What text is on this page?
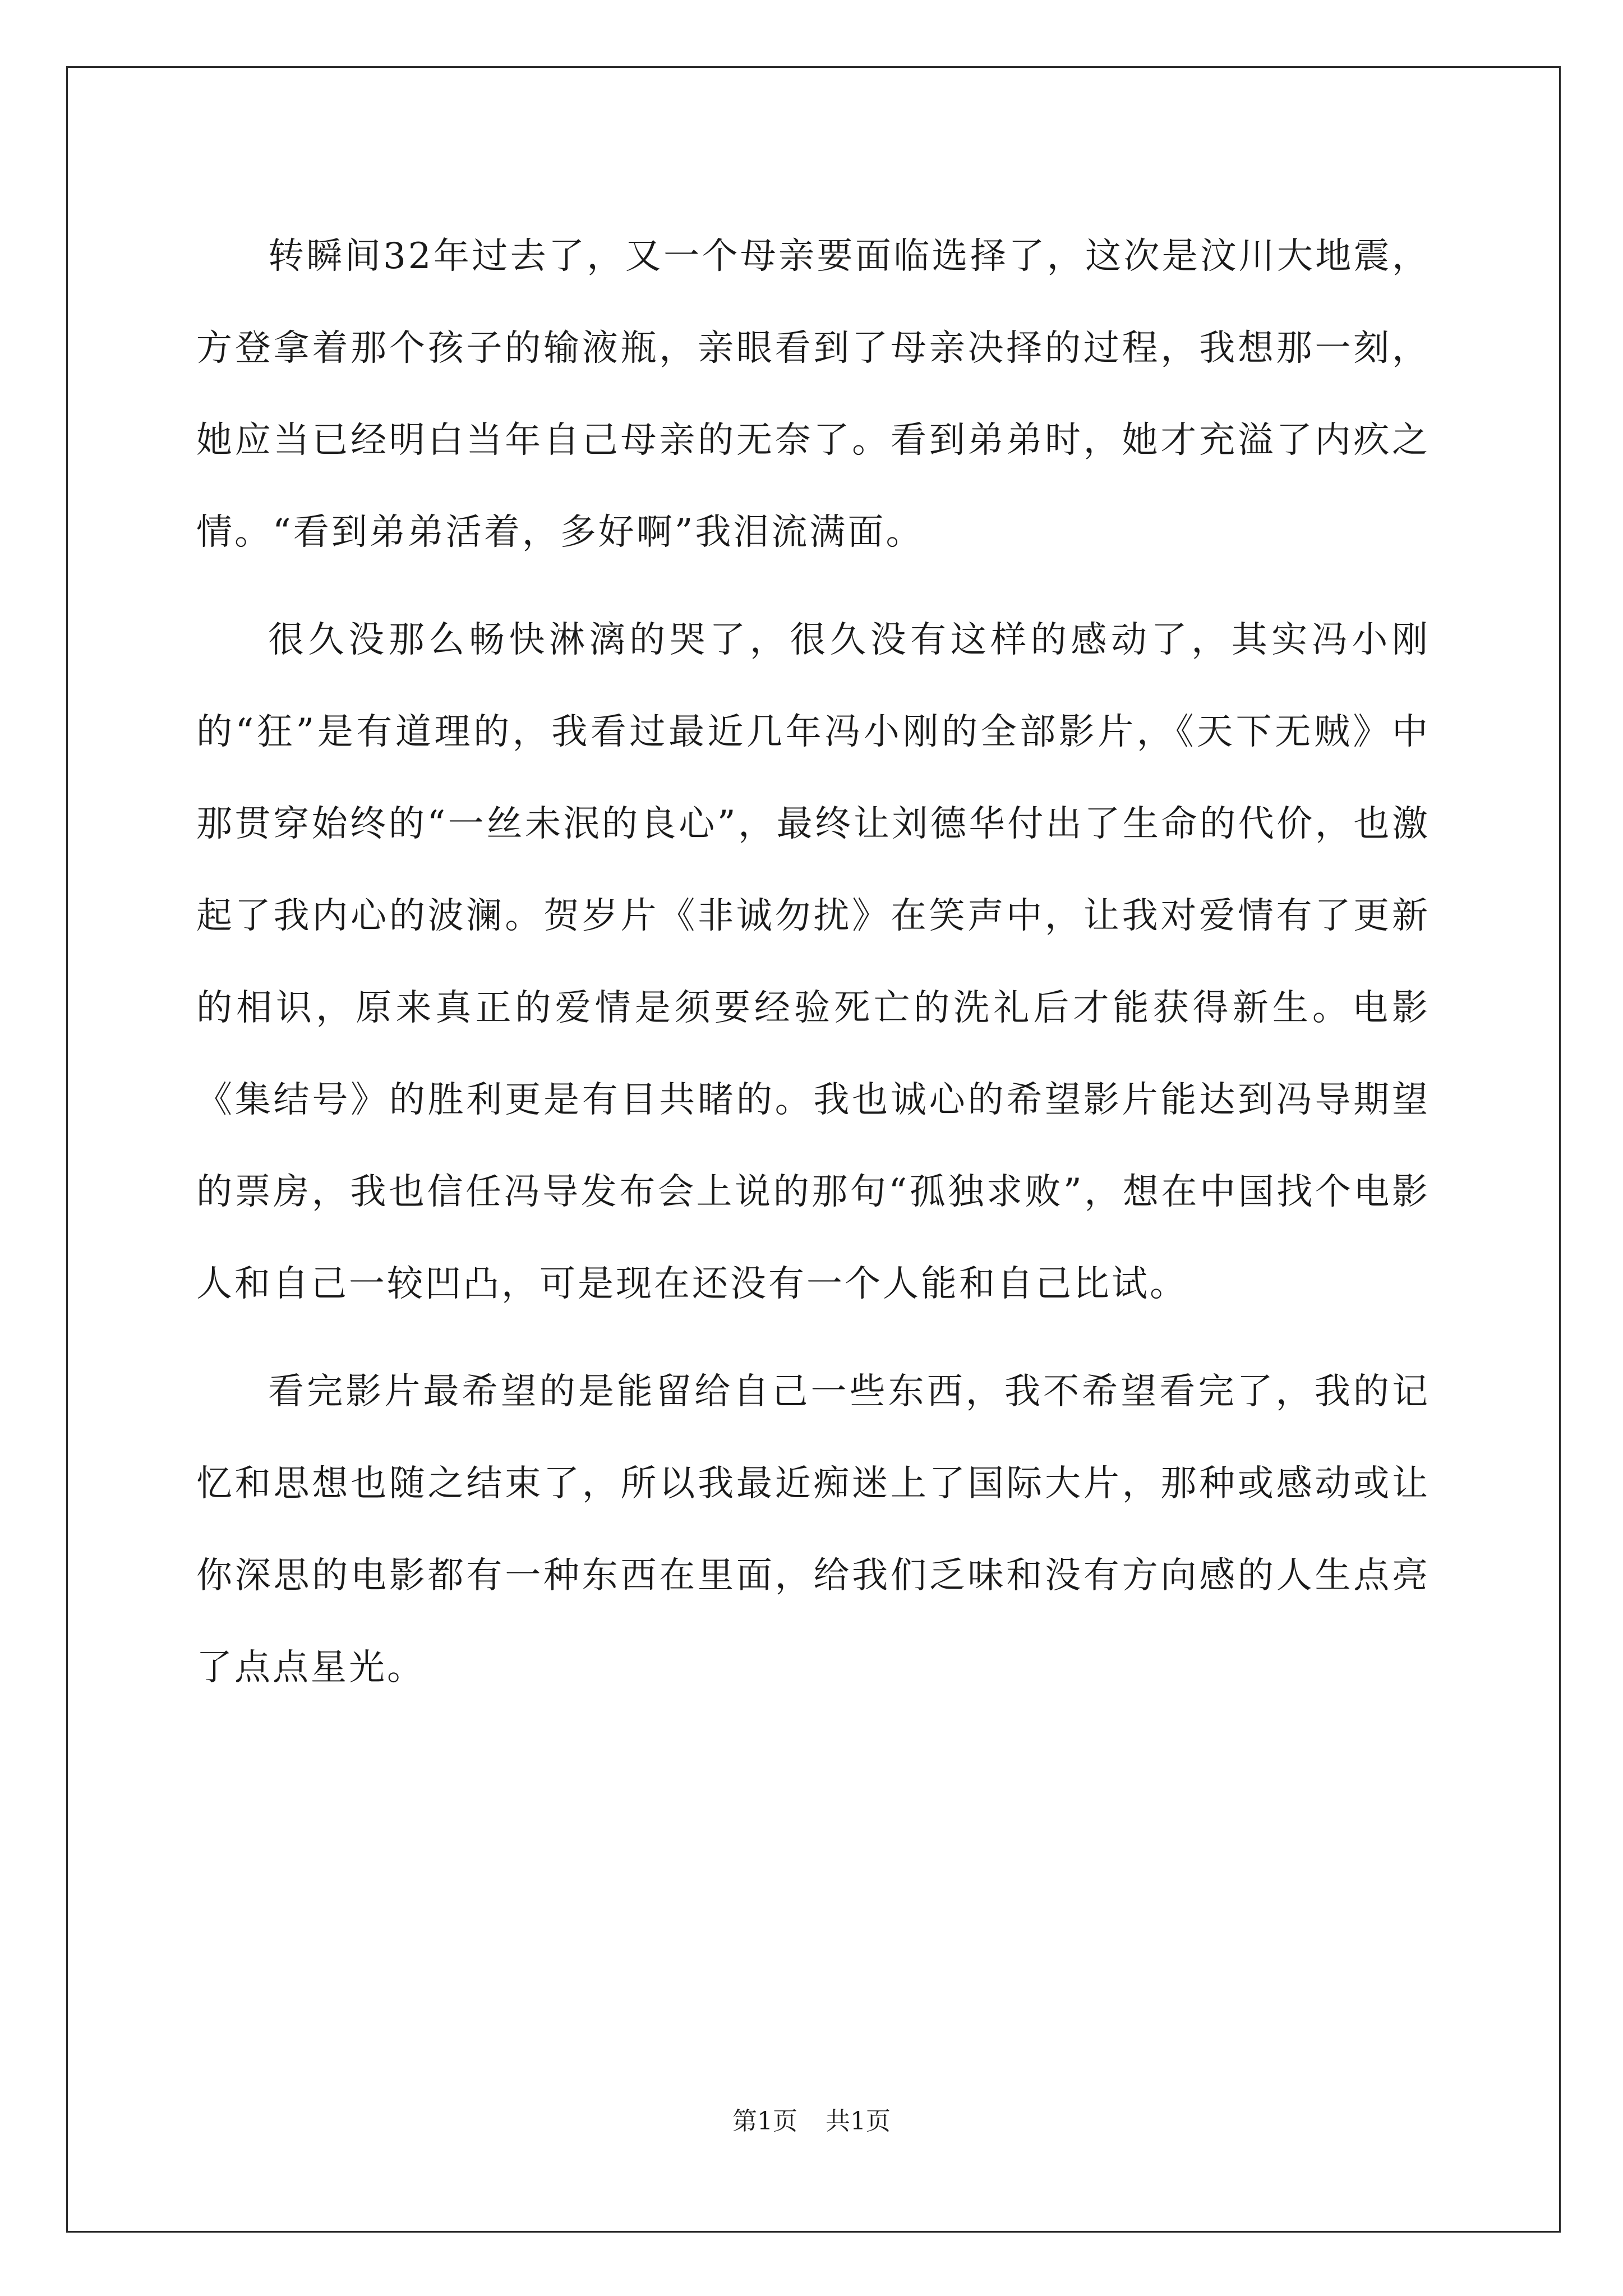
转瞬间32年过去了，又一个母亲要面临选择了，这次是汶川大地震，方登拿着那个孩子的输液瓶，亲眼看到了母亲决择的过程，我想那一刻，她应当已经明白当年自己母亲的无奈了。看到弟弟时，她才充溢了内疚之情。“看到弟弟活着，多好啊”我泪流满面。

很久没那么畅快淋漓的哭了，很久没有这样的感动了，其实冯小刚的“狂”是有道理的，我看过最近几年冯小刚的全部影片，《天下无贼》中那贯穿始终的“一丝未泯的良心”，最终让刘德华付出了生命的代价，也激起了我内心的波澜。贺岁片《非诚勿扰》在笑声中，让我对爱情有了更新的相识，原来真正的爱情是须要经验死亡的洗礼后才能获得新生。电影《集结号》的胜利更是有目共睹的。我也诚心的希望影片能达到冯导期望的票房，我也信任冯导发布会上说的那句“孤独求败”，想在中国找个电影人和自己一较凹凸，可是现在还没有一个人能和自己比试。

看完影片最希望的是能留给自己一些东西，我不希望看完了，我的记忆和思想也随之结束了，所以我最近痴迷上了国际大片，那种或感动或让你深思的电影都有一种东西在里面，给我们乏味和没有方向感的人生点亮了点点星光。

第1页 共1页
